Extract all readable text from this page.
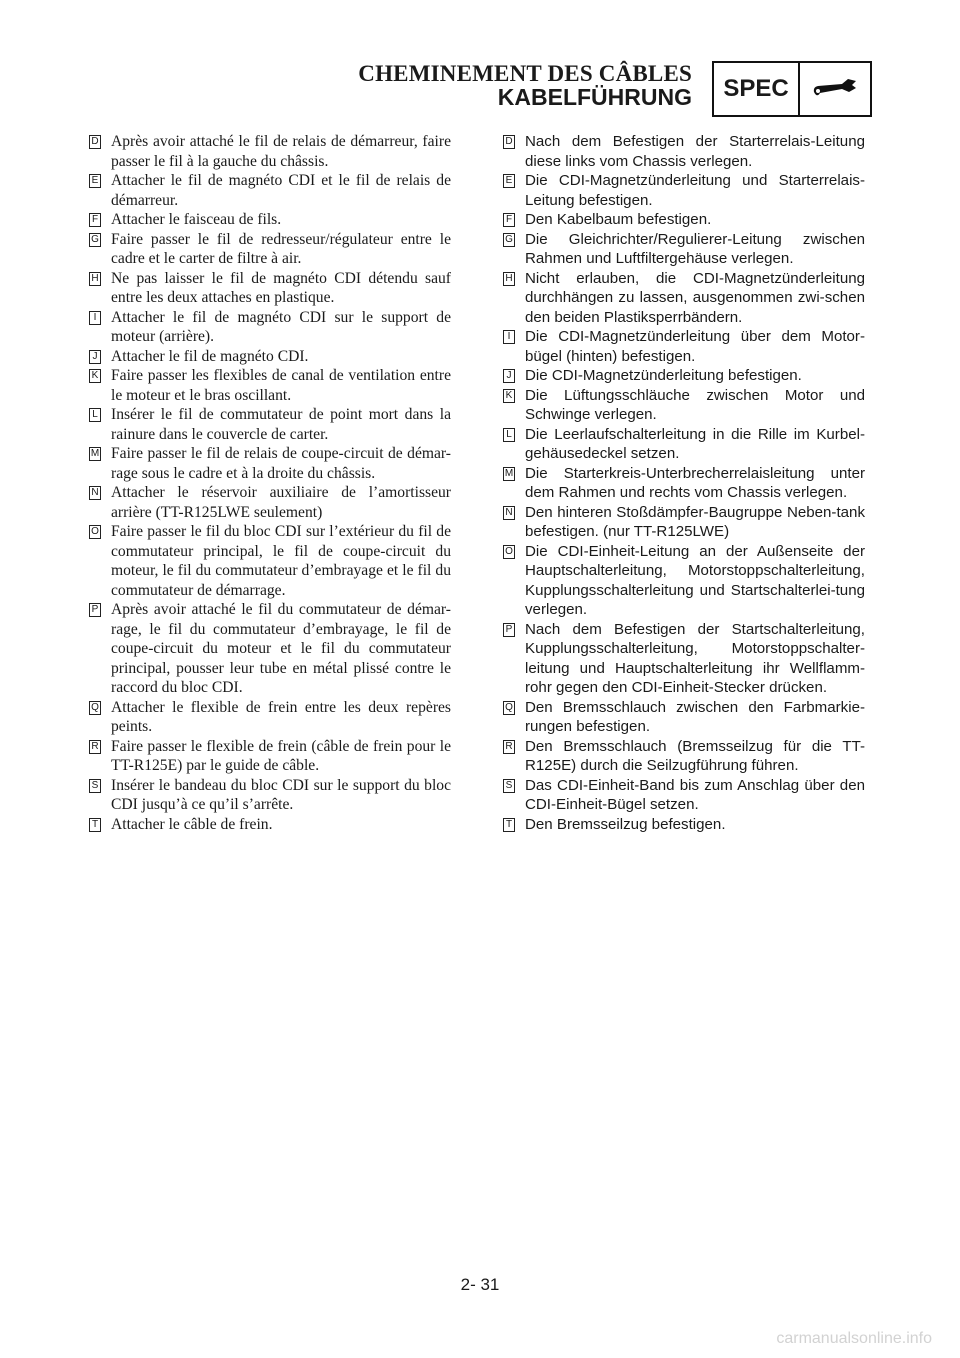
CHEMINEMENT DES CÂBLES
KABELFÜHRUNG	SPEC
D Après avoir attaché le fil de relais de démarreur, faire passer le fil à la gauche du châssis.
E Attacher le fil de magnéto CDI et le fil de relais de démarreur.
F Attacher le faisceau de fils.
G Faire passer le fil de redresseur/régulateur entre le cadre et le carter de filtre à air.
H Ne pas laisser le fil de magnéto CDI détendu sauf entre les deux attaches en plastique.
I Attacher le fil de magnéto CDI sur le support de moteur (arrière).
J Attacher le fil de magnéto CDI.
K Faire passer les flexibles de canal de ventilation entre le moteur et le bras oscillant.
L Insérer le fil de commutateur de point mort dans la rainure dans le couvercle de carter.
M Faire passer le fil de relais de coupe-circuit de démar-rage sous le cadre et à la droite du châssis.
N Attacher le réservoir auxiliaire de l’amortisseur arrière (TT-R125LWE seulement)
O Faire passer le fil du bloc CDI sur l’extérieur du fil de commutateur principal, le fil de coupe-circuit du moteur, le fil du commutateur d’embrayage et le fil du commutateur de démarrage.
P Après avoir attaché le fil du commutateur de démar-rage, le fil du commutateur d’embrayage, le fil de coupe-circuit du moteur et le fil du commutateur principal, pousser leur tube en métal plissé contre le raccord du bloc CDI.
Q Attacher le flexible de frein entre les deux repères peints.
R Faire passer le flexible de frein (câble de frein pour le TT-R125E) par le guide de câble.
S Insérer le bandeau du bloc CDI sur le support du bloc CDI jusqu’à ce qu’il s’arrête.
T Attacher le câble de frein.
D Nach dem Befestigen der Starterrelais-Leitung diese links vom Chassis verlegen.
E Die CDI-Magnetzünderleitung und Starterrelais-Leitung befestigen.
F Den Kabelbaum befestigen.
G Die Gleichrichter/Regulierer-Leitung zwischen Rahmen und Luftfiltergehäuse verlegen.
H Nicht erlauben, die CDI-Magnetzünderleitung durchhängen zu lassen, ausgenommen zwi-schen den beiden Plastiksperrbändern.
I Die CDI-Magnetzünderleitung über dem Motor-bügel (hinten) befestigen.
J Die CDI-Magnetzünderleitung befestigen.
K Die Lüftungsschläuche zwischen Motor und Schwinge verlegen.
L Die Leerlaufschalterleitung in die Rille im Kurbel-gehäusedeckel setzen.
M Die Starterkreis-Unterbrecherrelaisleitung unter dem Rahmen und rechts vom Chassis verlegen.
N Den hinteren Stoßdämpfer-Baugruppe Neben-tank befestigen. (nur TT-R125LWE)
O Die CDI-Einheit-Leitung an der Außenseite der Hauptschalterleitung, Motorstoppschalterleitung, Kupplungsschalterleitung und Startschalterlei-tung verlegen.
P Nach dem Befestigen der Startschalterleitung, Kupplungsschalterleitung, Motorstoppschalter-leitung und Hauptschalterleitung ihr Wellflamm-rohr gegen den CDI-Einheit-Stecker drücken.
Q Den Bremsschlauch zwischen den Farbmarkie-rungen befestigen.
R Den Bremsschlauch (Bremsseilzug für die TT-R125E) durch die Seilzugführung führen.
S Das CDI-Einheit-Band bis zum Anschlag über den CDI-Einheit-Bügel setzen.
T Den Bremsseilzug befestigen.
2- 31
carmanualsonline.info
